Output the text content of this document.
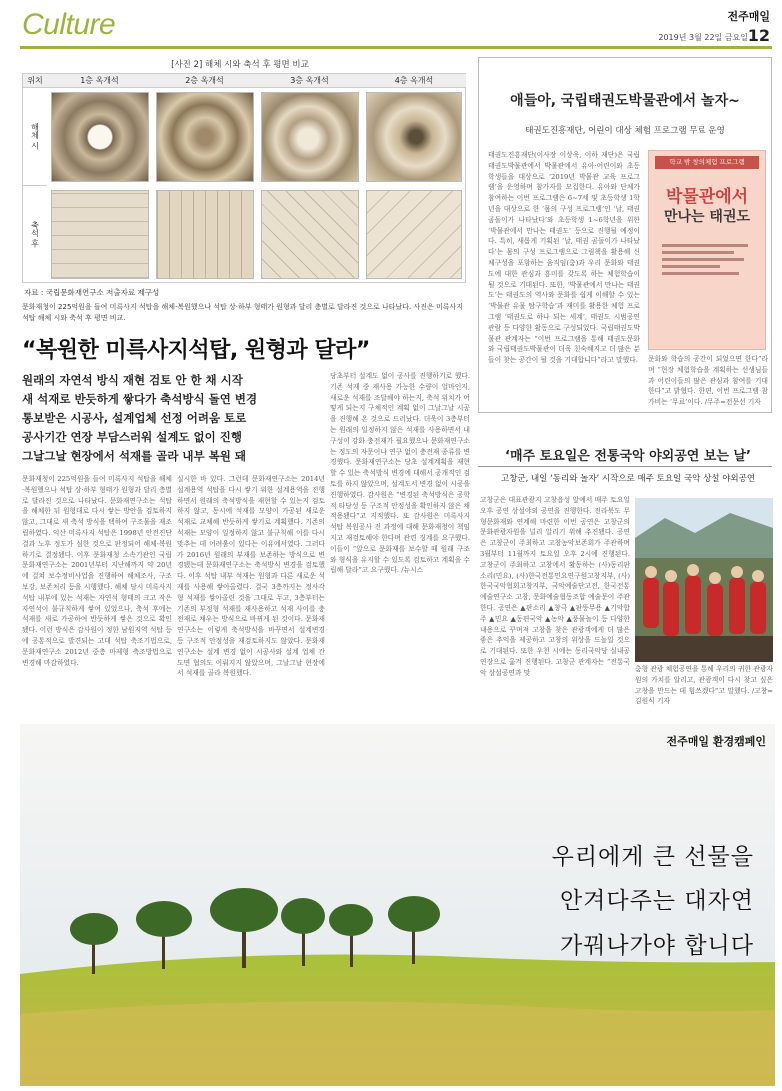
Culture	전주매일
2019년 3월 22일 금요일 12
[사진 2] 해체 시와 축석 후 평면 비교
위치	1층 옥개석	2층 옥개석	3층 옥개석	4층 옥개석
해체 시
축석 후
자료 : 국립문화재연구소 저출자료 제구성
문화재청이 225억원을 들여 미륵사지 석탑을 해체·복원했으나 석탑 상·하부 형태가 원형과 달리 층별로 달라진 것으로 나타났다. 사진은 미륵사지 석탑 해체 시와 축석 후 평면 비교.
“복원한 미륵사지석탑, 원형과 달라”
원래의 자연석 방식 재현 검토 안 한 채 시작
새 석재로 반듯하게 쌓다가 축석방식 돌연 변경
통보받은 시공사, 설계업체 선정 어려움 토로
공사기간 연장 부담스러워 설계도 없이 진행
그날그날 현장에서 석재를 골라 내부 복원 돼
문화재청이 225억원을 들여 미륵사지 석탑을 해체·복원했으나 석탑 상·하부 형태가 원형과 달리 층별로 달라진 것으로 나타났다. 문화재연구소는 석탑을 해체한 뒤 원형대로 다시 쌓는 방안을 검토하지 않고, 그대로 새 축석 방식을 택하여 구조물을 재조립하였다. 익산 미륵사지 석탑은 1998년 안전진단 결과 노후 정도가 심한 것으로 판정되어 해체·복원하기로 결정됐다. 이후 문화재청 소속기관인 국립문화재연구소는 2001년부터 지난해까지 약 20년에 걸쳐 보수정비사업을 진행하여 해체조사, 구조보강, 보존처리 등을 시행했다. 해체 당시 미륵사지 석탑 내부에 있는 석재는 자연석 형태의 크고 작은 자연석이 불규칙하게 쌓여 있었으나, 축석 후에는 석재를 새로 가공하여 반듯하게 쌓은 것으로 확인됐다. 이런 방식은 감사원이 정한 남원지역 석탑 등에 공통적으로 발견되는 고대 석탑 축조기법으로, 문화재연구소 2012년 중층 마제형 축조방법으로 변경해 마감하였다.
실시한 바 있다. 그런데 문화재연구소는 2014년 설계용역 석탑을 다시 쌓기 위한 설계용역을 진행하면서 원래의 축석방식을 재현할 수 있는지 검토하지 않고, 동시에 석재를 모양이 가공된 새로운 석재로 교체해 반듯하게 쌓기로 계획했다. 기존의 석재는 모양이 일정하지 않고 불규칙해 이를 다시 맞추는 데 어려움이 있다는 이유에서였다. 그러다가 2016년 원래의 부재를 보존하는 방식으로 변경됐는데 문화재연구소는 축석방식 변경을 검토했다. 이후 석탑 내부 석재는 원형과 다른 새로운 석재를 사용해 쌓아올렸다. 결국 3층까지는 정사각형 석재를 쌓아올린 것을 그대로 두고, 3층부터는 기존의 부정형 석재를 재사용하고 석재 사이를 충전재로 채우는 방식으로 바뀌게 된 것이다. 문화재연구소는 이렇게 축석방식을 바꾸면서 설계변경 등 구조적 안정성을 재검토하지도 않았다. 문화재연구소는 설계 변경 없이 시공사와 설계 업체 간 도면 협의도 이뤄지지 않았으며, 그날그날 현장에서 석재를 골라 복원했다.
당초부터 설계도 없이 공사를 진행하기로 했다. 기존 석재 중 재사용 가능한 수량이 얼마인지, 새로운 석재를 조달해야 하는지, 축석 위치가 어떻게 되는지 구체적인 계획 없이 그날그날 시공을 진행해 온 것으로 드러났다. 더욱이 3층부터는 원래의 일정하지 않은 석재를 사용하면서 내구성이 강화 충전재가 필요했으나 문화재연구소는 정도의 자문이나 연구 없이 충전재 종류를 변경했다. 문화재연구소는 당초 설계계획을 재현할 수 있는 축석방식 변경에 대해서 공개적인 검토를 하지 않았으며, 설계도서 변경 없이 시공을 진행하였다. 감사원은 “변경된 축석방식은 공학적 타당성 등 구조적 안정성을 확인하지 않은 채 적용됐다”고 지적했다. 또 감사원은 미륵사지 석탑 복원공사 전 과정에 대해 문화재청이 책임지고 재검토해야 한다며 관련 징계를 요구했다. 이들이 “앞으로 문화재를 보수할 때 원래 구조와 형식을 유지할 수 있도록 검토하고 계획을 수립해 달라”고 요구했다. /뉴시스
애들아, 국립태권도박물관에서 놀자~
태권도진흥재단, 어린이 대상 체험 프로그램 무료 운영
태권도진흥재단(이사장 이상욱, 이하 재단)은 국립태권도박물관에서 박물관에서 유아·어린이와 초등학생들을 대상으로 ‘2019년 박물관 교육 프로그램’을 운영하며 참가자를 모집한다. 유아와 단체가 참여하는 이번 프로그램은 6~7세 및 초등학생 1학년을 대상으로 한 ‘몸의 구성 프로그램’인 ‘날, 태권 곰돌이가 나타났다’와 초등학생 1~6학년을 위한 ‘박물관에서 만나는 태권도’ 등으로 진행될 예정이다. 특히, 새롭게 기획된 ‘날, 태권 곰돌이가 나타났다’는 몸의 구성 프로그램으로 그림책을 활용해 신체구성을 포함하는 움직임(춤)과 우리 문화와 태권도에 대한 관심과 흥미를 갖도록 하는 체험학습이 될 것으로 기대된다. 또한, ‘박물관에서 만나는 태권도’는 태권도의 역사와 문화를 쉽게 이해할 수 있는 ‘박물관 유물 탐구학습’과 재미를 활용한 체험 프로그램 ‘태권도로 하나 되는 세계’, 태권도 시범공연 관람 등 다양한 활동으로 구성되었다. 국립태권도박물관 관계자는 “이번 프로그램을 통해 태권도문화와 국립태권도박물관이 더욱 친숙해지고 더 많은 분들이 찾는 공간이 될 것을 기대합니다”라고 말했다.
학교 밖 창의체험 프로그램
박물관에서
만나는 태권도
문화와 학습의 공간이 되었으면 한다”라며 “현장 체험학습을 계획하는 선생님들과 어린이들의 많은 관심과 참여를 기대한다”고 밝혔다. 한편, 이번 프로그램 참가비는 ‘무료’이다. /무주=전문선 기자
‘매주 토요일은 전통국악 야외공연 보는 날’
고창군, 내일 ‘동리와 놀자’ 시작으로 매주 토요일 국악 상설 야외공연
고창군은 대표관광지 고창읍성 앞에서 매주 토요일 오후 공연 상설야외 공연을 진행한다. 전라북도 무형문화재와 연계해 마련한 이번 공연은 고창군의 문화관광자원을 널리 알리기 위해 추진됐다. 공연은 고창군이 주최하고 고창농악보존회가 주관하며 3월부터 11월까지 토요일 오후 2시에 진행된다. 고창군이 주최하고 고창에서 활동하는 (사)동리판소리(민요), (사)한국전통민요연구원고창지부, (사)한국국악협회고창지부, 국악예술단고전, 한국전통예술연구소 고창, 문화예술협동조합 예술문이 주관한다. 공연은 ▲판소리 ▲창극 ▲판뚱무용 ▲기악합주 ▲민요 ▲동편국악 ▲농악 ▲풍물놀이 등 다양한 내용으로 꾸며져 고창을 찾은 관광객에게 더 많은 좋은 추억을 제공하고 고창의 위상을 드높일 것으로 기대된다. 또한 우천 시에는 동리국악당 실내공연장으로 옮겨 진행된다. 고창군 관계자는 “전통국악 상설공연과 맞	춤형 관광 체험공연을 통해 우리의 귀한 관광자원의 가치를 알리고, 관광객이 다시 찾고 싶은 고창을 만드는 데 힘쓰겠다”고 말했다. /고창=김원식 기자
전주매일 환경캠페인
우리에게 큰 선물을
안겨다주는 대자연
가꿔나가야 합니다
